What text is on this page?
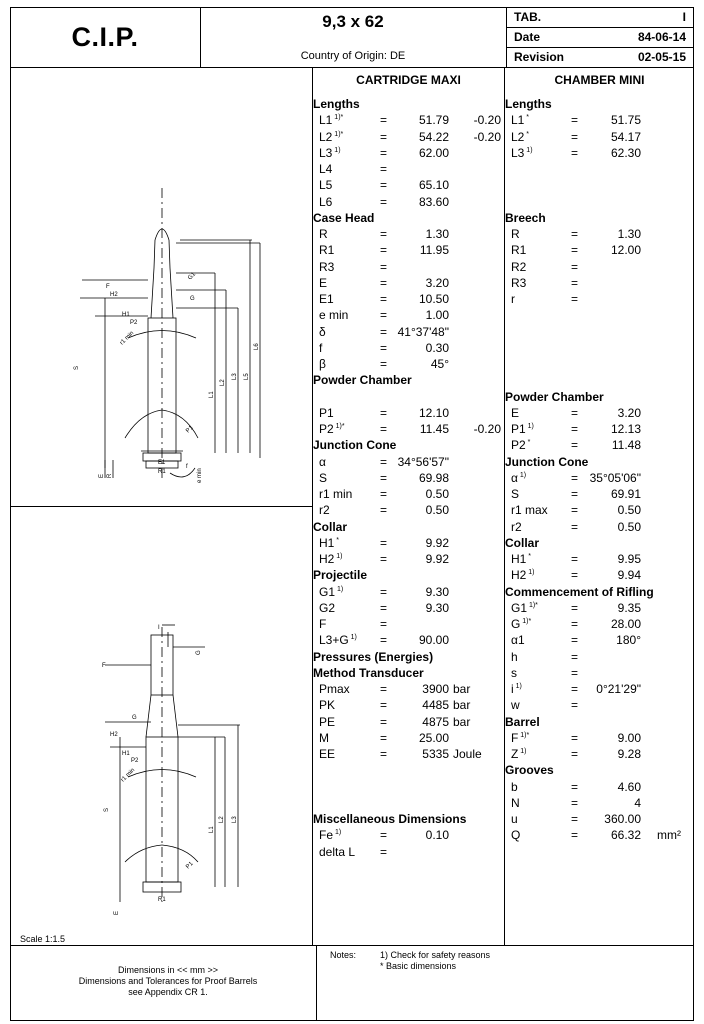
C.I.P.	9,3 x 62
Country of Origin: DE
TAB.	I
Date	84-06-14
Revision	02-05-15
CARTRIDGE MAXI	CHAMBER MINI
Lengths
L1 $^{1)*}$	=	51.79 -0.20
L2 $^{1)*}$	=	54.22 -0.20
L3 $^{1)}$	=	62.00
L4	=
L5	=	65.10
L6	=	83.60
Case Head
R	=	1.30
R1	=	11.95
R3	=
E	=	3.20
E1	=	10.50
e min	=	1.00
δ	= 41°37'48"
f	=	0.30
β	=	45°
Powder Chamber
P1	=	12.10
P2 $^{1)*}$	=	11.45 -0.20
Junction Cone
α	= 34°56'57"
S	=	69.98
r1 min =	0.50
r2	=	0.50
Collar
H1 *	=	9.92
H2 $^{1)}$	=	9.92
Projectile
G1 $^{1)}$	=	9.30
G2	=	9.30
F	=
L3+G $^{1)}$ =	90.00
Pressures (Energies)
Method Transducer
Pmax	=	3900 bar
PK	=	4485 bar
PE	=	4875 bar
M	=	25.00
EE	=	5335 Joule
Miscellaneous Dimensions
Fe $^{1)}$	=	0.10
delta L =
Lengths
L1 *	=	51.75
L2 *	=	54.17
L3 $^{1)}$	=	62.30
Breech
R	=	1.30
R1	=	12.00
R2	=
R3	=
r	=
Powder Chamber
E	=	3.20
P1 $^{1)}$	=	12.13
P2 *	=	11.48
Junction Cone
α $^{1)}$	= 35°05'06"
S	=	69.91
r1 max =	0.50
r2	=	0.50
Collar
H1 *	=	9.95
H2 $^{1)}$	=	9.94
Commencement of Rifling
G1 $^{1)*}$	=	9.35
G $^{1)*}$	=	28.00
α1	=	180°
h	=
s	=
i $^{1)}$	= 0°21'29"
w	=
Barrel
F $^{1)*}$	=	9.00
Z $^{1)}$	=	9.28
Grooves
b	=	4.60
N	=	4
u	= 360.00
Q	=	66.32 mm²
F
H2
H1
P2
r1 min
G1
G
S
L1
L2
L3 L5
L6
P1
E1
R1
R
E	e min
f
F
H2
H1
P2
r1 min
G
I
G
S
L1
L2 L3
P1
R1
E
Scale 1:1.5
Dimensions in << mm >>
Dimensions and Tolerances for Proof Barrels
see Appendix CR 1.
Notes:	1) Check for safety reasons
* Basic dimensions
